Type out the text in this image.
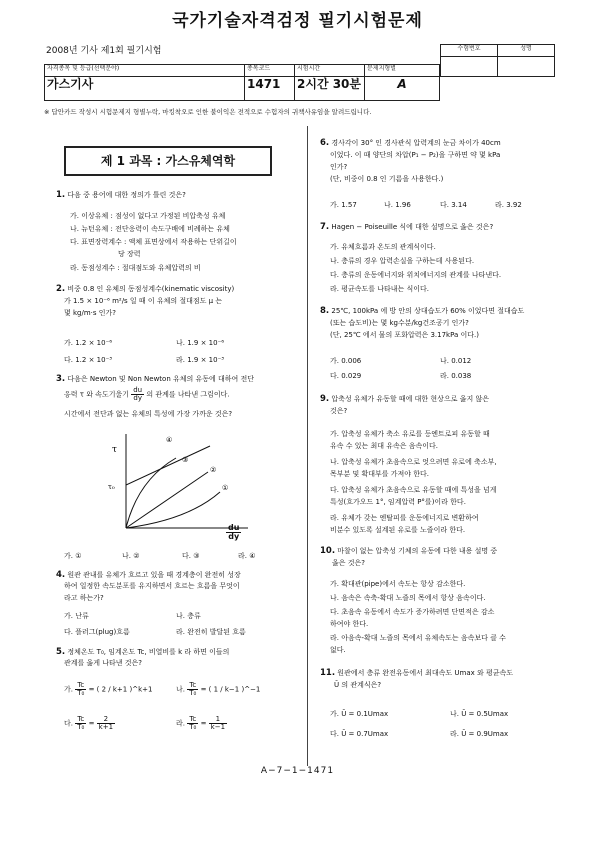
국가기술자격검정 필기시험문제
2008년 기사 제1회 필기시험	수험번호	성명

자격종목 및 등급(선택분야)	종목코드	시험시간	문제지형별
가스기사	1471	2시간 30분	A
※ 답안카드 작성시 시험문제지 형별누락, 마킹착오로 인한 불이익은 전적으로 수험자의 귀책사유임을 알려드립니다.
제 1 과목 : 가스유체역학
1. 다음 중 용어에 대한 정의가 틀린 것은?
가. 이상유체 : 점성이 없다고 가정된 비압축성 유체
나. 뉴턴유체 : 전단응력이 속도구배에 비례하는 유체
다. 표면장력계수 : 액체 표면상에서 작용하는 단위길이
당 장력
라. 동점성계수 : 절대점도와 유체압력의 비
2. 비중 0.8 인 유체의 동점성계수(kinematic viscosity)
가 1.5 × 10⁻⁶ m²/s 일 때 이 유체의 절대점도 μ 는
몇 kg/m·s 인가?
가. 1.2 × 10⁻⁶	나. 1.9 × 10⁻⁶
다. 1.2 × 10⁻³	라. 1.9 × 10⁻³
3. 다음은 Newton 및 Non Newton 유체의 유동에 대하여 전단
응력 τ 와 속도기울기 $\frac{du}{dy}$ 의 관계를 나타낸 그림이다.
시간에서 전단과 없는 유체의 특성에 가장 가까운 것은?
τ
τ₀
④
③
②
①
$\frac{du}{dy}$
가. ①	나. ②	다. ③	라. ④
4. 원관 관내를 유체가 흐르고 있을 때 경계층이 완전히 성장
하여 일정한 속도분포를 유지하면서 흐르는 흐름을 무엇이
라고 하는가?
가. 난류	나. 층류
다. 플러그(plug)흐름	라. 완전히 발달된 흐름
5. 정체온도 T₀, 임계온도 Tc, 비열비를 k 라 하면 이들의
관계를 옳게 나타낸 것은?
가. $\frac{Tc}{\text{T₀}}$ = ( 2 / k+1 )^k+1	나. $\frac{Tc}{\text{T₀}}$ = ( 1 / k−1 )^−1
다. $\frac{Tc}{\text{T₀}} = \frac{2}{k+1}$	라. $\frac{Tc}{\text{T₀}} = \frac{1}{k-1}$
6. 경사각이 30° 인 경사관식 압력계의 눈금 차이가 40cm
이었다. 이 때 양단의 차압(P₁ − P₂)을 구하면 약 몇 kPa
인가?
(단, 비중이 0.8 인 기름을 사용한다.)
가. 1.57	나. 1.96	다. 3.14	라. 3.92
7. Hagen − Poiseuille 식에 대한 설명으로 옳은 것은?
가. 유체흐름과 온도의 관계식이다.
나. 층류의 경우 압력손실을 구하는데 사용된다.
다. 층류의 운동에너지와 위치에너지의 관계를 나타낸다.
라. 평균속도를 나타내는 식이다.
8. 25℃, 100kPa 에 방 안의 상대습도가 60% 이었다면 절대습도
(또는 습도비)는 몇 kg수분/kg건조공기 인가?
(단, 25℃ 에서 물의 포화압력은 3.17kPa 이다.)
가. 0.006	나. 0.012
다. 0.029	라. 0.038
9. 압축성 유체가 유동할 때에 대한 현상으로 옳지 않은
것은?
가. 압축성 유체가 축소 유로를 등엔트로피 유동할 때
유속 수 있는 최대 유속은 음속이다.
나. 압축성 유체가 초음속으로 엇으려면 유로에 축소부,
목부분 및 확대부를 가져야 한다.
다. 압축성 유체가 초음속으로 유동할 때에 특성을 넘게
특성(흐가오드 1°, 임계압력 P°를)이라 한다.
라. 유체가 갖는 엔탈피를 운동에너지로 변환하여
비분수 있도록 설계된 유로를 노즐이라 한다.
10. 마찰이 없는 압축성 기체의 유동에 다한 내용 설명 중
옳은 것은?
가. 확대관(pipe)에서 속도는 항상 감소한다.
나. 음속은 속축-확대 노즐의 목에서 항상 음속이다.
다. 초음속 유동에서 속도가 증가하려면 단면적은 감소
하여야 한다.
라. 아음속-확대 노즐의 목에서 유체속도는 음속보다 클 수
없다.
11. 원관에서 층류 완전유동에서 최대속도 Umax 와 평균속도
Ū 의 관계식은?
가. Ū = 0.1Umax	나. Ū = 0.5Umax
다. Ū = 0.7Umax	라. Ū = 0.9Umax
A−7−1−1471
